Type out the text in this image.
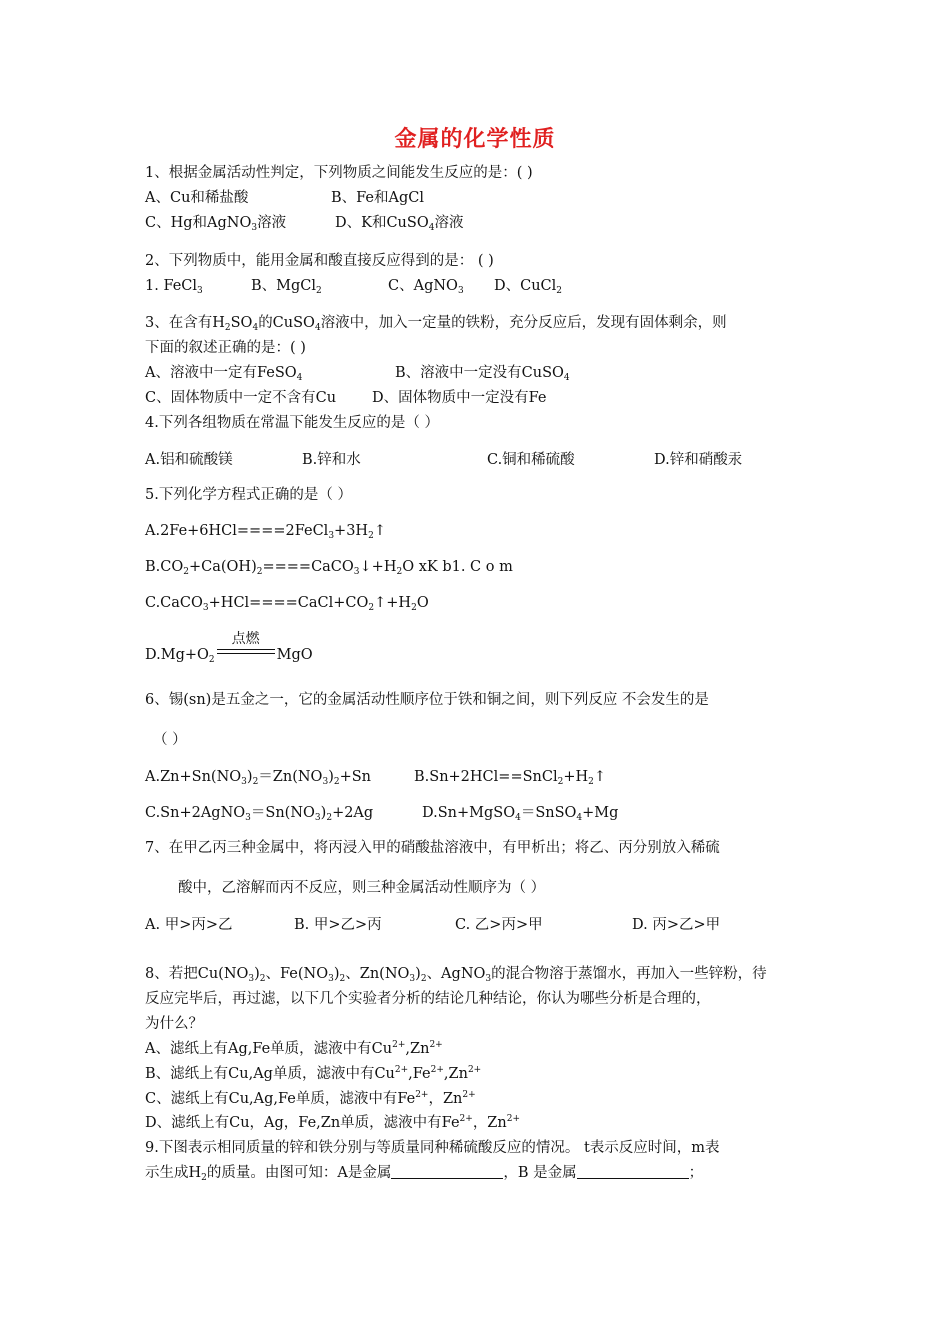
金属的化学性质
1、根据金属活动性判定，下列物质之间能发生反应的是：( )
A、Cu和稀盐酸	B、Fe和AgCl
C、Hg和AgNO$_3$溶液	D、K和CuSO$_4$溶液
2、下列物质中，能用金属和酸直接反应得到的是： ( )
1. FeCl$_3$	B、MgCl$_2$	C、AgNO$_3$ D、CuCl$_2$
3、在含有$H_2SO_4$的CuSO$_4$溶液中，加入一定量的铁粉，充分反应后，发现有固体剩余，则
下面的叙述正确的是：( )
A、溶液中一定有FeSO$_4$	B、溶液中一定没有CuSO$_4$
C、固体物质中一定不含有Cu D、固体物质中一定没有Fe
4.下列各组物质在常温下能发生反应的是（ ）
A.铝和硫酸镁	B.锌和水	C.铜和稀硫酸	D.锌和硝酸汞
5.下列化学方程式正确的是（ ）
$A.2Fe+6HCl====2FeCl_3+3H_2↑$
$B.CO_2+Ca(OH)_2====CaCO_3↓+H_2O$ xK b1. C o m
$C.CaCO_3+HCl====CaCl+CO_2↑+H_2O$
$D.Mg+O_2$
点燃
MgO
6、锡(sn)是五金之一，它的金属活动性顺序位于铁和铜之间，则下列反应 不会发生的是
（ ）
$A.Zn+Sn(NO_3)_2=Zn(NO_3)_2+Sn$	$B.Sn+2HCl==SnCl_2+H_2↑$
$C.Sn+2AgNO_3=Sn(NO_3)_2+2Ag$	D.Sn+MgSO$_4$＝SnSO$_4$+Mg
7、在甲乙丙三种金属中，将丙浸入甲的硝酸盐溶液中，有甲析出；将乙、丙分别放入稀硫
酸中，乙溶解而丙不反应，则三种金属活动性顺序为（ ）
A. 甲>丙>乙	B. 甲>乙>丙	C. 乙>丙>甲	D. 丙>乙>甲
8、若把$Cu(NO_3)_2$、$Fe(NO_3)_2$、$Zn(NO_3)_2$、AgNO$_3$的混合物溶于蒸馏水，再加入一些锌粉，待
反应完毕后，再过滤，以下几个实验者分析的结论几种结论，你认为哪些分析是合理的，
为什么？
A、滤纸上有Ag,Fe单质，滤液中有$Cu^{2+},Zn^{2+}$
B、滤纸上有Cu,Ag单质，滤液中有$Cu^{2+},Fe^{2+},Zn^{2+}$
C、滤纸上有Cu,Ag,Fe单质，滤液中有$Fe^{2+}$，$Zn^{2+}$
D、滤纸上有Cu，Ag，Fe,Zn单质，滤液中有$Fe^{2+}$，$Zn^{2+}$
9.下图表示相同质量的锌和铁分别与等质量同种稀硫酸反应的情况。 t表示反应时间，m表
示生成$H_2$的质量。由图可知：A是金属	，B 是金属	；
